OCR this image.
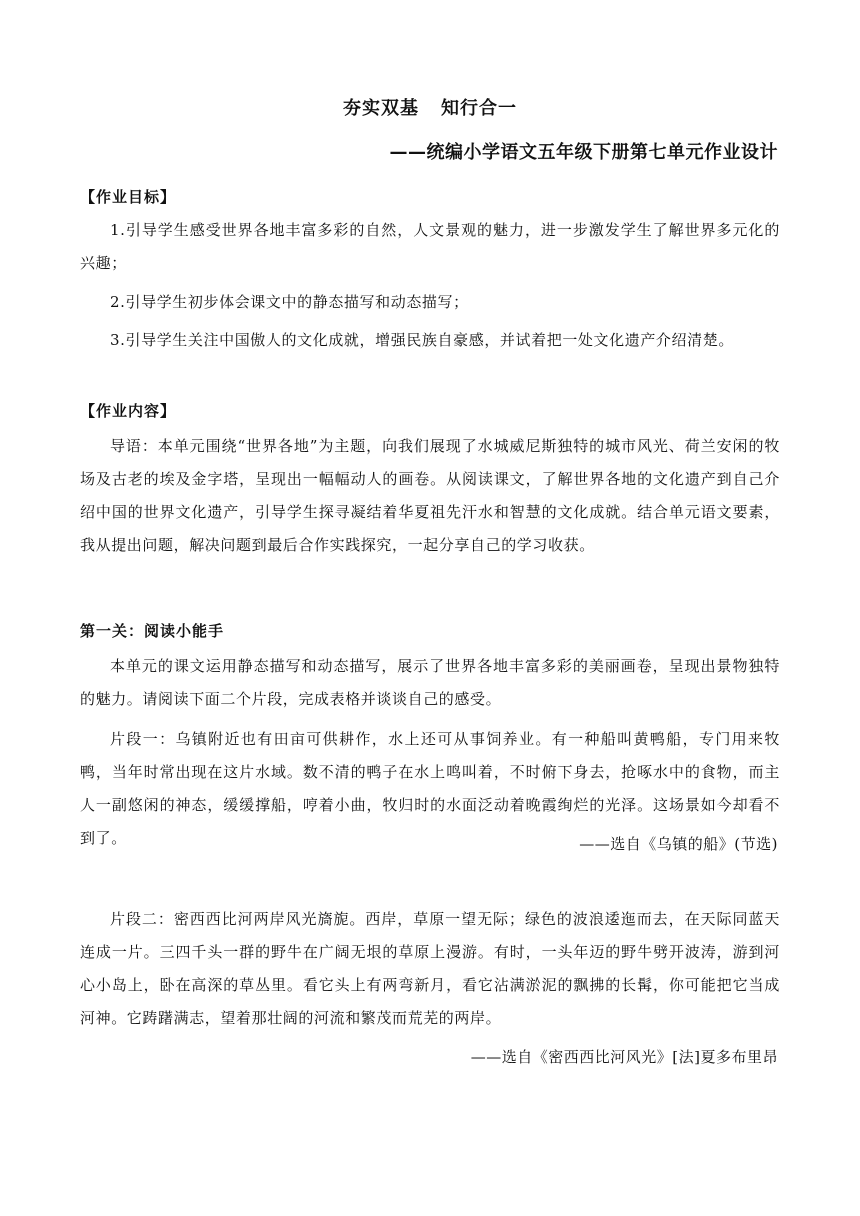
夯实双基 知行合一
——统编小学语文五年级下册第七单元作业设计
【作业目标】
1.引导学生感受世界各地丰富多彩的自然，人文景观的魅力，进一步激发学生了解世界多元化的兴趣；
2.引导学生初步体会课文中的静态描写和动态描写；
3.引导学生关注中国傲人的文化成就，增强民族自豪感，并试着把一处文化遗产介绍清楚。
【作业内容】
导语：本单元围绕“世界各地”为主题，向我们展现了水城威尼斯独特的城市风光、荷兰安闲的牧场及古老的埃及金字塔，呈现出一幅幅动人的画卷。从阅读课文，了解世界各地的文化遗产到自己介绍中国的世界文化遗产，引导学生探寻凝结着华夏祖先汗水和智慧的文化成就。结合单元语文要素，我从提出问题，解决问题到最后合作实践探究，一起分享自己的学习收获。
第一关：阅读小能手
本单元的课文运用静态描写和动态描写，展示了世界各地丰富多彩的美丽画卷，呈现出景物独特的魅力。请阅读下面二个片段，完成表格并谈谈自己的感受。
片段一：乌镇附近也有田亩可供耕作，水上还可从事饲养业。有一种船叫黄鸭船，专门用来牧鸭，当年时常出现在这片水域。数不清的鸭子在水上鸣叫着，不时俯下身去，抢啄水中的食物，而主人一副悠闲的神态，缓缓撑船，哼着小曲，牧归时的水面泛动着晚霞绚烂的光泽。这场景如今却看不到了。	——选自《乌镇的船》(节选)
片段二：密西西比河两岸风光旖旎。西岸，草原一望无际；绿色的波浪逶迤而去，在天际同蓝天连成一片。三四千头一群的野牛在广阔无垠的草原上漫游。有时，一头年迈的野牛劈开波涛，游到河心小岛上，卧在高深的草丛里。看它头上有两弯新月，看它沾满淤泥的飘拂的长髯，你可能把它当成河神。它踌躇满志，望着那壮阔的河流和繁茂而荒芜的两岸。
——选自《密西西比河风光》[法]夏多布里昂
